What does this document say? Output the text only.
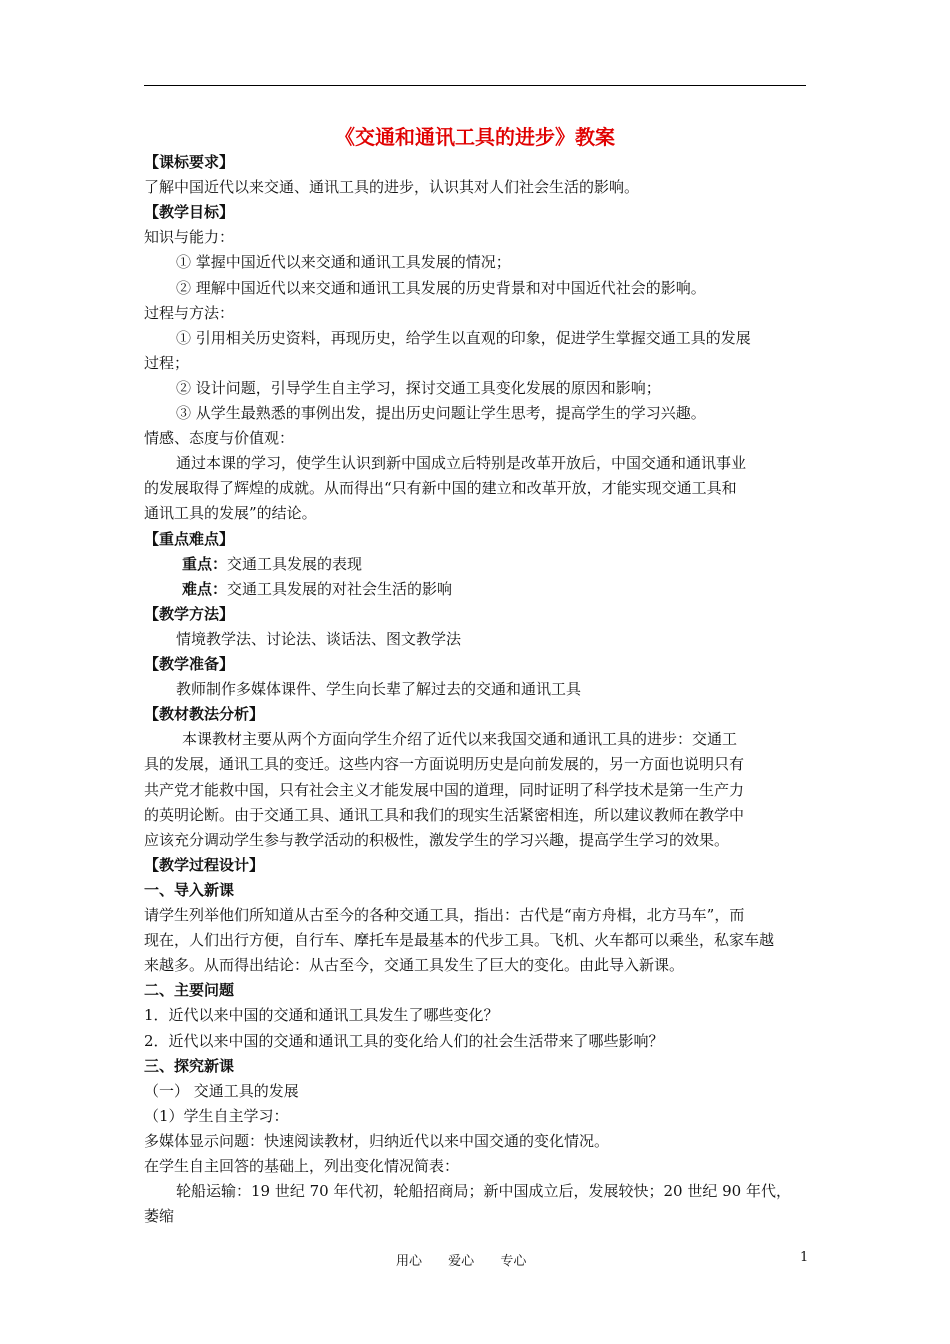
《交通和通讯工具的进步》教案
【课标要求】
了解中国近代以来交通、通讯工具的进步，认识其对人们社会生活的影响。
【教学目标】
知识与能力：
① 掌握中国近代以来交通和通讯工具发展的情况；
② 理解中国近代以来交通和通讯工具发展的历史背景和对中国近代社会的影响。
过程与方法：
① 引用相关历史资料，再现历史，给学生以直观的印象，促进学生掌握交通工具的发展
过程；
② 设计问题，引导学生自主学习，探讨交通工具变化发展的原因和影响；
③ 从学生最熟悉的事例出发，提出历史问题让学生思考，提高学生的学习兴趣。
情感、态度与价值观：
通过本课的学习，使学生认识到新中国成立后特别是改革开放后，中国交通和通讯事业
的发展取得了辉煌的成就。从而得出“只有新中国的建立和改革开放，才能实现交通工具和
通讯工具的发展”的结论。
【重点难点】
重点：交通工具发展的表现
难点：交通工具发展的对社会生活的影响
【教学方法】
情境教学法、讨论法、谈话法、图文教学法
【教学准备】
教师制作多媒体课件、学生向长辈了解过去的交通和通讯工具
【教材教法分析】
本课教材主要从两个方面向学生介绍了近代以来我国交通和通讯工具的进步：交通工
具的发展，通讯工具的变迁。这些内容一方面说明历史是向前发展的，另一方面也说明只有
共产党才能救中国，只有社会主义才能发展中国的道理，同时证明了科学技术是第一生产力
的英明论断。由于交通工具、通讯工具和我们的现实生活紧密相连，所以建议教师在教学中
应该充分调动学生参与教学活动的积极性，激发学生的学习兴趣，提高学生学习的效果。
【教学过程设计】
一、导入新课
请学生列举他们所知道从古至今的各种交通工具，指出：古代是“南方舟楫，北方马车”，而
现在，人们出行方便，自行车、摩托车是最基本的代步工具。飞机、火车都可以乘坐，私家车越
来越多。从而得出结论：从古至今，交通工具发生了巨大的变化。由此导入新课。
二、主要问题
1．近代以来中国的交通和通讯工具发生了哪些变化？
2．近代以来中国的交通和通讯工具的变化给人们的社会生活带来了哪些影响？
三、探究新课
（一） 交通工具的发展
（1）学生自主学习：
多媒体显示问题：快速阅读教材，归纳近代以来中国交通的变化情况。
在学生自主回答的基础上，列出变化情况简表：
轮船运输：19 世纪 70 年代初，轮船招商局；新中国成立后，发展较快；20 世纪 90 年代，
萎缩
用心 爱心 专心	1
